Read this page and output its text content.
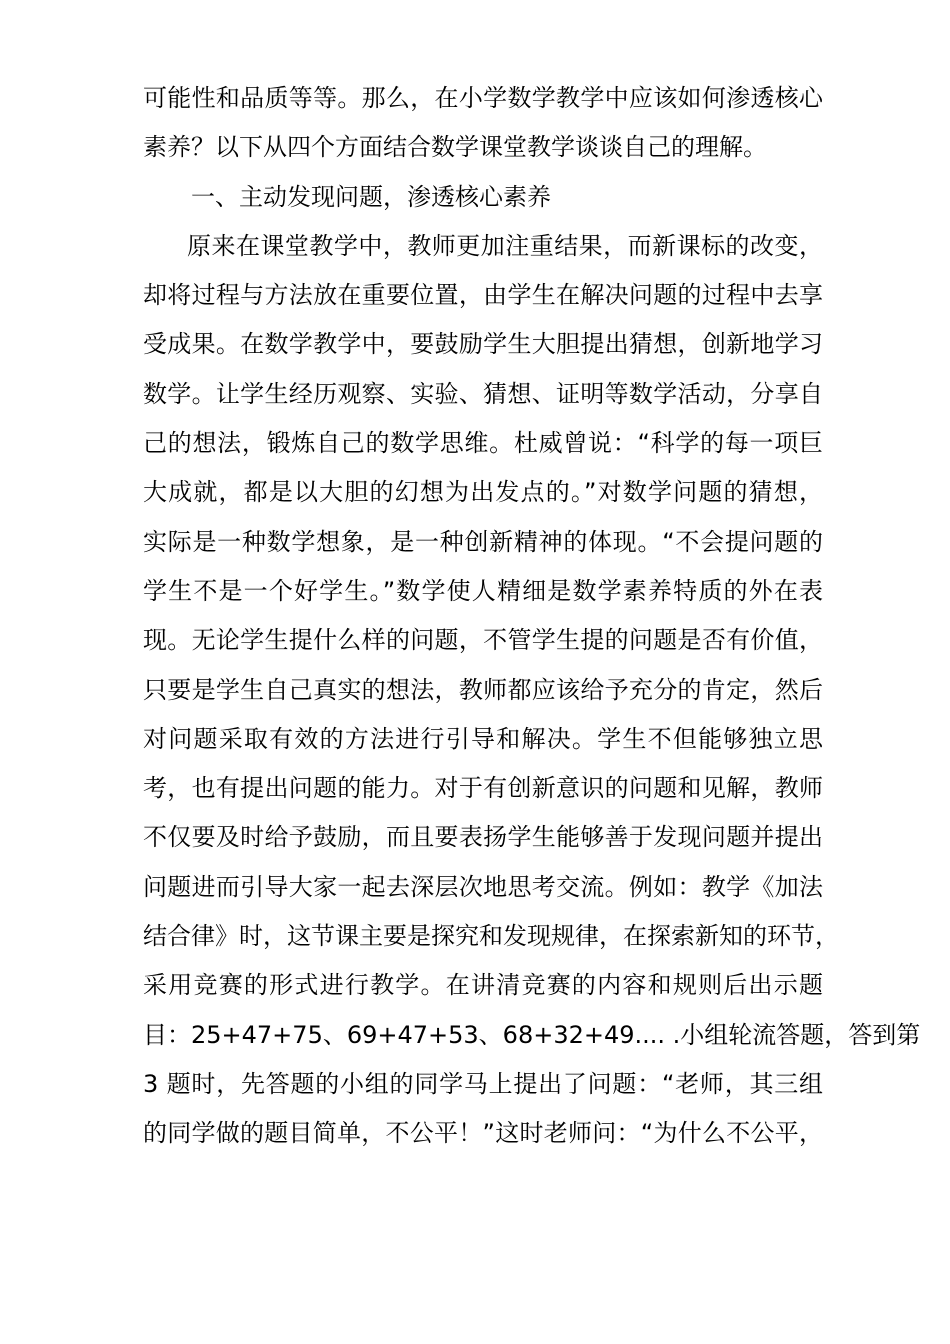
可能性和品质等等。那么，在小学数学教学中应该如何渗透核心
素养？以下从四个方面结合数学课堂教学谈谈自己的理解。
一、主动发现问题，渗透核心素养
原来在课堂教学中，教师更加注重结果，而新课标的改变，
却将过程与方法放在重要位置，由学生在解决问题的过程中去享
受成果。在数学教学中，要鼓励学生大胆提出猜想，创新地学习
数学。让学生经历观察、实验、猜想、证明等数学活动，分享自
己的想法，锻炼自己的数学思维。杜威曾说：“科学的每一项巨
大成就，都是以大胆的幻想为出发点的。”对数学问题的猜想，
实际是一种数学想象，是一种创新精神的体现。“不会提问题的
学生不是一个好学生。”数学使人精细是数学素养特质的外在表
现。无论学生提什么样的问题，不管学生提的问题是否有价值，
只要是学生自己真实的想法，教师都应该给予充分的肯定，然后
对问题采取有效的方法进行引导和解决。学生不但能够独立思
考，也有提出问题的能力。对于有创新意识的问题和见解，教师
不仅要及时给予鼓励，而且要表扬学生能够善于发现问题并提出
问题进而引导大家一起去深层次地思考交流。例如：教学《加法
结合律》时，这节课主要是探究和发现规律，在探索新知的环节，
采用竞赛的形式进行教学。在讲清竞赛的内容和规则后出示题
目：25+47+75、69+47+53、68+32+49.... .小组轮流答题，答到第
3 题时，先答题的小组的同学马上提出了问题：“老师，其三组
的同学做的题目简单，不公平！”这时老师问：“为什么不公平，
